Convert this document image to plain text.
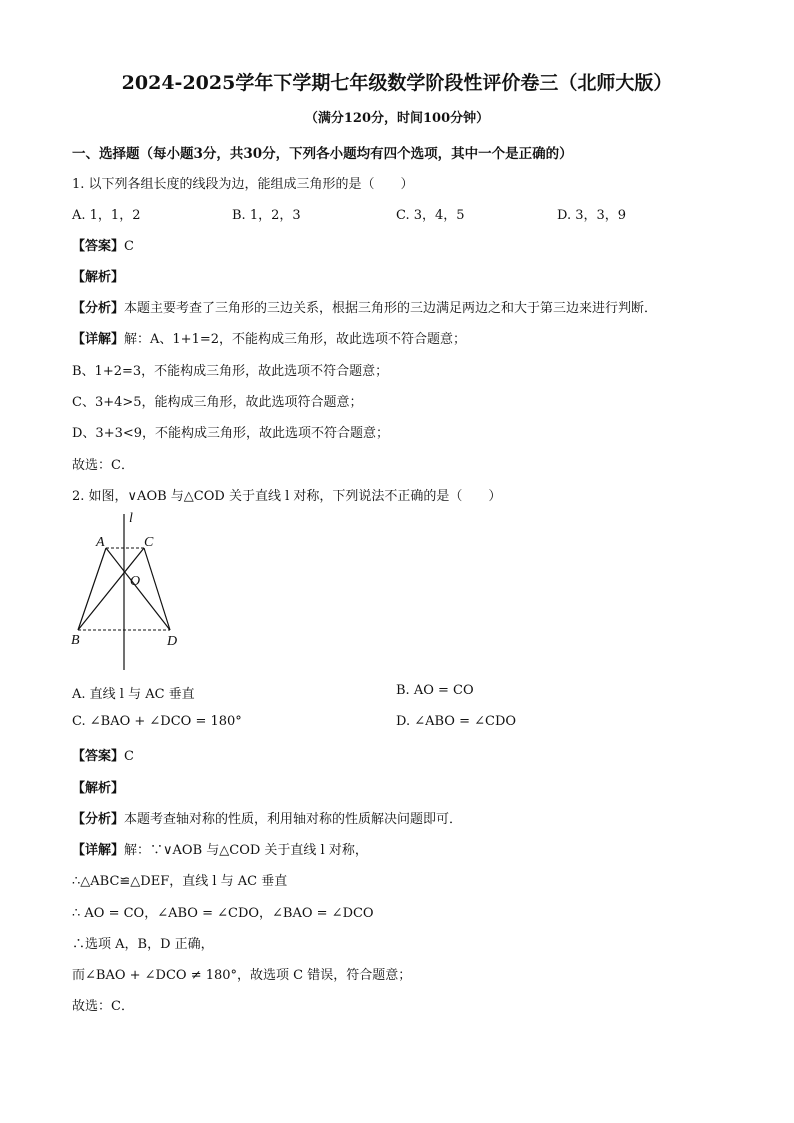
2024-2025学年下学期七年级数学阶段性评价卷三（北师大版）
（满分120分，时间100分钟）
一、选择题（每小题3分，共30分，下列各小题均有四个选项，其中一个是正确的）
1. 以下列各组长度的线段为边，能组成三角形的是（　　）
A. 1，1，2	B. 1，2，3	C. 3，4，5	D. 3，3，9
【答案】C
【解析】
【分析】本题主要考查了三角形的三边关系，根据三角形的三边满足两边之和大于第三边来进行判断．
【详解】解：A、1+1=2，不能构成三角形，故此选项不符合题意；
B、1+2=3，不能构成三角形，故此选项不符合题意；
C、3+4>5，能构成三角形，故此选项符合题意；
D、3+3<9，不能构成三角形，故此选项不符合题意；
故选：C．
2. 如图，∨AOB 与△COD 关于直线 l 对称，下列说法不正确的是（　　）
l
A	C
O
B	D
A. 直线 l 与 AC 垂直	B. AO = CO
C. ∠BAO + ∠DCO = 180°	D. ∠ABO = ∠CDO
【答案】C
【解析】
【分析】本题考查轴对称的性质，利用轴对称的性质解决问题即可．
【详解】解：∵∨AOB 与△COD 关于直线 l 对称，
∴△ABC≌△DEF，直线 l 与 AC 垂直
∴ AO = CO，∠ABO = ∠CDO，∠BAO = ∠DCO
∴选项 A，B，D 正确，
而∠BAO + ∠DCO ≠ 180°，故选项 C 错误，符合题意；
故选：C．
